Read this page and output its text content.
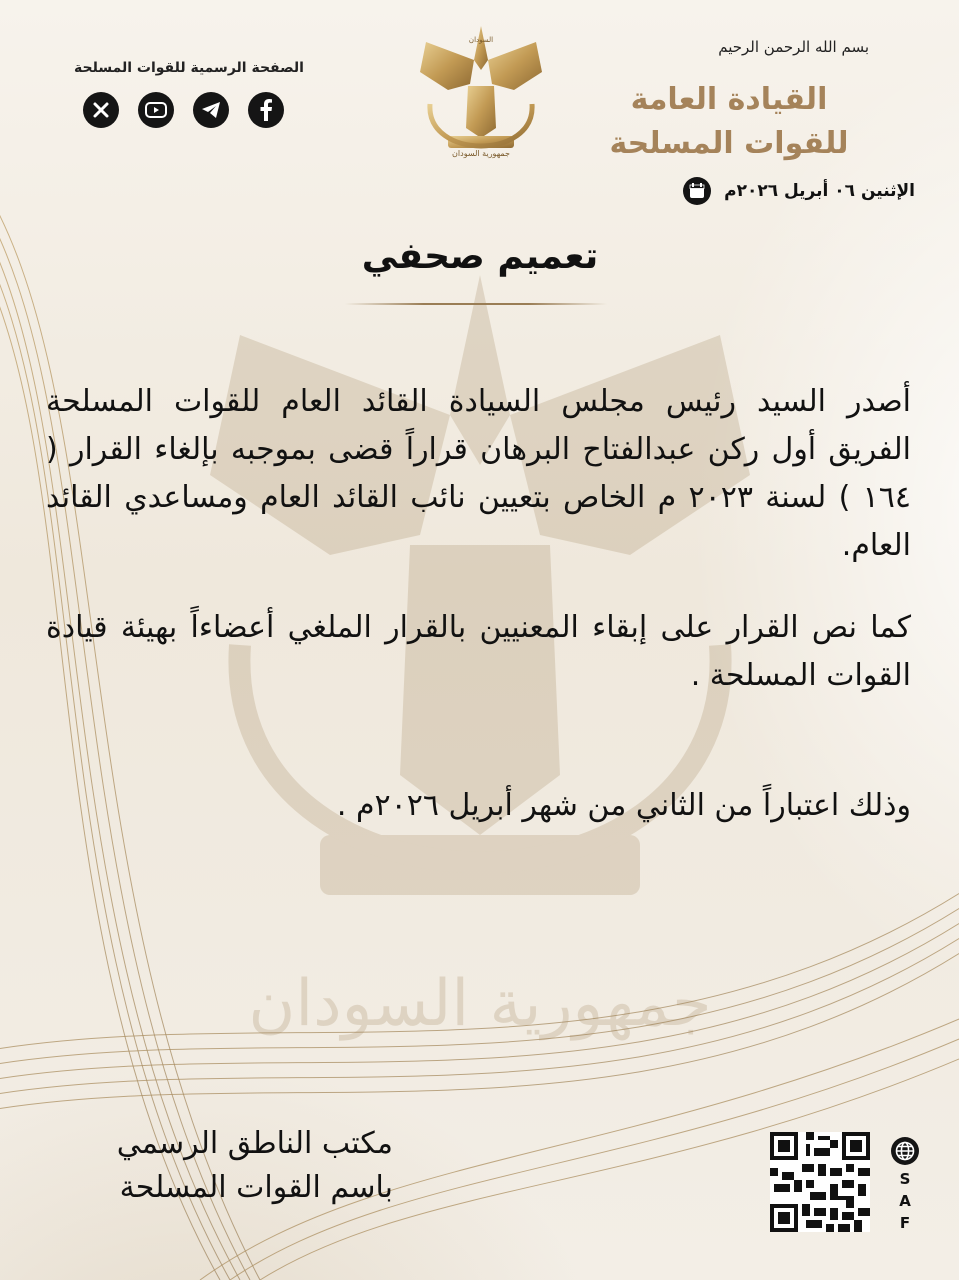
جمهورية السودان
بسم الله الرحمن الرحيم
القيادة العامة
للقوات المسلحة
الإثنين ٠٦ أبريل ٢٠٢٦م
السودان
جمهورية السودان
الصفحة الرسمية للقوات المسلحة
تعميم صحفي
أصدر السيد رئيس مجلس السيادة القائد العام للقوات المسلحة الفريق أول ركن عبدالفتاح البرهان قراراً قضى بموجبه بإلغاء القرار ( ١٦٤ ) لسنة ٢٠٢٣ م الخاص بتعيين نائب القائد العام ومساعدي القائد العام.
كما نص القرار على إبقاء المعنيين بالقرار الملغي أعضاءاً بهيئة قيادة القوات المسلحة .
وذلك اعتباراً من الثاني من شهر أبريل ٢٠٢٦م .
مكتب الناطق الرسمي
باسم القوات المسلحة	S
A
F
